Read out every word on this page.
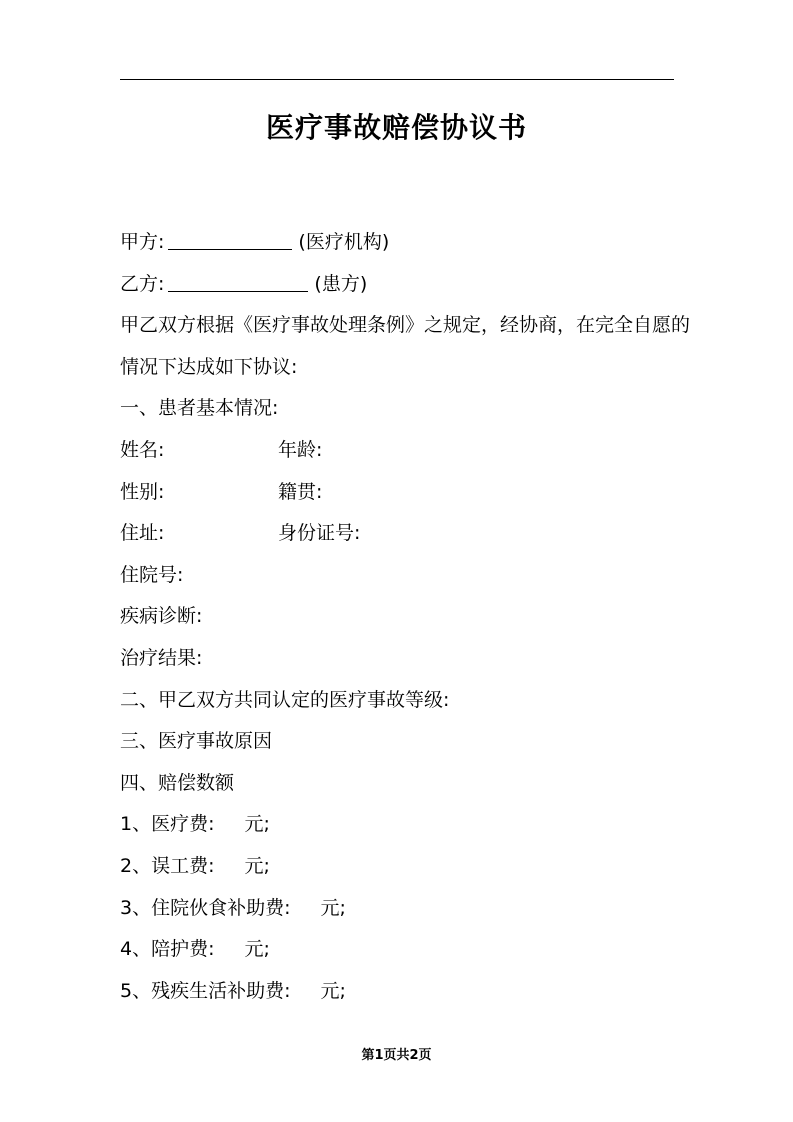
医疗事故赔偿协议书
甲方:	(医疗机构)
乙方:	(患方)
甲乙双方根据《医疗事故处理条例》之规定，经协商，在完全自愿的
情况下达成如下协议:
一、患者基本情况:
姓名:	年龄:
性别:	籍贯:
住址:	身份证号:
住院号:
疾病诊断:
治疗结果:
二、甲乙双方共同认定的医疗事故等级:
三、医疗事故原因
四、赔偿数额
1、医疗费: 元;
2、误工费: 元;
3、住院伙食补助费: 元;
4、陪护费: 元;
5、残疾生活补助费: 元;
第1页共2页
